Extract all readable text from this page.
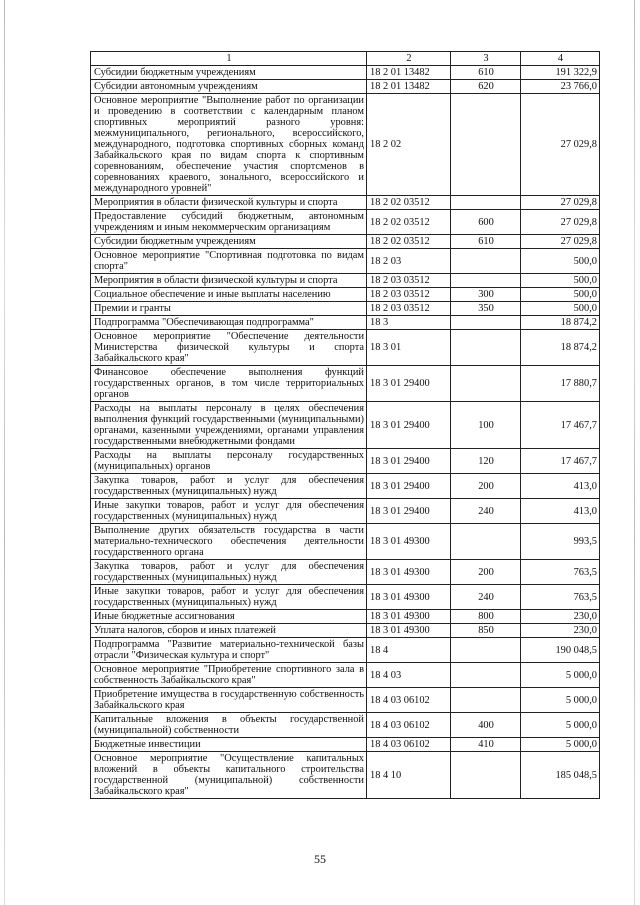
1	2	3	4
Субсидии бюджетным учреждениям	18 2 01 13482	610	191 322,9
Субсидии автономным учреждениям	18 2 01 13482	620	23 766,0
Основное мероприятие "Выполнение работ по организации и проведению в соответствии с календарным планом спортивных мероприятий разного уровня: межмуниципального, регионального, всероссийского, международного, подготовка спортивных сборных команд Забайкальского края по видам спорта к спортивным соревнованиям, обеспечение участия спортсменов в соревнованиях краевого, зонального, всероссийского и международного уровней"	18 2 02		27 029,8
Мероприятия в области физической культуры и спорта	18 2 02 03512		27 029,8
Предоставление субсидий бюджетным, автономным учреждениям и иным некоммерческим организациям	18 2 02 03512	600	27 029,8
Субсидии бюджетным учреждениям	18 2 02 03512	610	27 029,8
Основное мероприятие "Спортивная подготовка по видам спорта"	18 2 03		500,0
Мероприятия в области физической культуры и спорта	18 2 03 03512		500,0
Социальное обеспечение и иные выплаты населению	18 2 03 03512	300	500,0
Премии и гранты	18 2 03 03512	350	500,0
Подпрограмма "Обеспечивающая подпрограмма"	18 3		18 874,2
Основное мероприятие "Обеспечение деятельности Министерства физической культуры и спорта Забайкальского края"	18 3 01		18 874,2
Финансовое обеспечение выполнения функций государственных органов, в том числе территориальных органов	18 3 01 29400		17 880,7
Расходы на выплаты персоналу в целях обеспечения выполнения функций государственными (муниципальными) органами, казенными учреждениями, органами управления государственными внебюджетными фондами	18 3 01 29400	100	17 467,7
Расходы на выплаты персоналу государственных (муниципальных) органов	18 3 01 29400	120	17 467,7
Закупка товаров, работ и услуг для обеспечения государственных (муниципальных) нужд	18 3 01 29400	200	413,0
Иные закупки товаров, работ и услуг для обеспечения государственных (муниципальных) нужд	18 3 01 29400	240	413,0
Выполнение других обязательств государства в части материально-технического обеспечения деятельности государственного органа	18 3 01 49300		993,5
Закупка товаров, работ и услуг для обеспечения государственных (муниципальных) нужд	18 3 01 49300	200	763,5
Иные закупки товаров, работ и услуг для обеспечения государственных (муниципальных) нужд	18 3 01 49300	240	763,5
Иные бюджетные ассигнования	18 3 01 49300	800	230,0
Уплата налогов, сборов и иных платежей	18 3 01 49300	850	230,0
Подпрограмма "Развитие материально-технической базы отрасли "Физическая культура и спорт"	18 4		190 048,5
Основное мероприятие "Приобретение спортивного зала в собственность Забайкальского края"	18 4 03		5 000,0
Приобретение имущества в государственную собственность Забайкальского края	18 4 03 06102		5 000,0
Капитальные вложения в объекты государственной (муниципальной) собственности	18 4 03 06102	400	5 000,0
Бюджетные инвестиции	18 4 03 06102	410	5 000,0
Основное мероприятие "Осуществление капитальных вложений в объекты капитального строительства государственной (муниципальной) собственности Забайкальского края"	18 4 10		185 048,5
55
